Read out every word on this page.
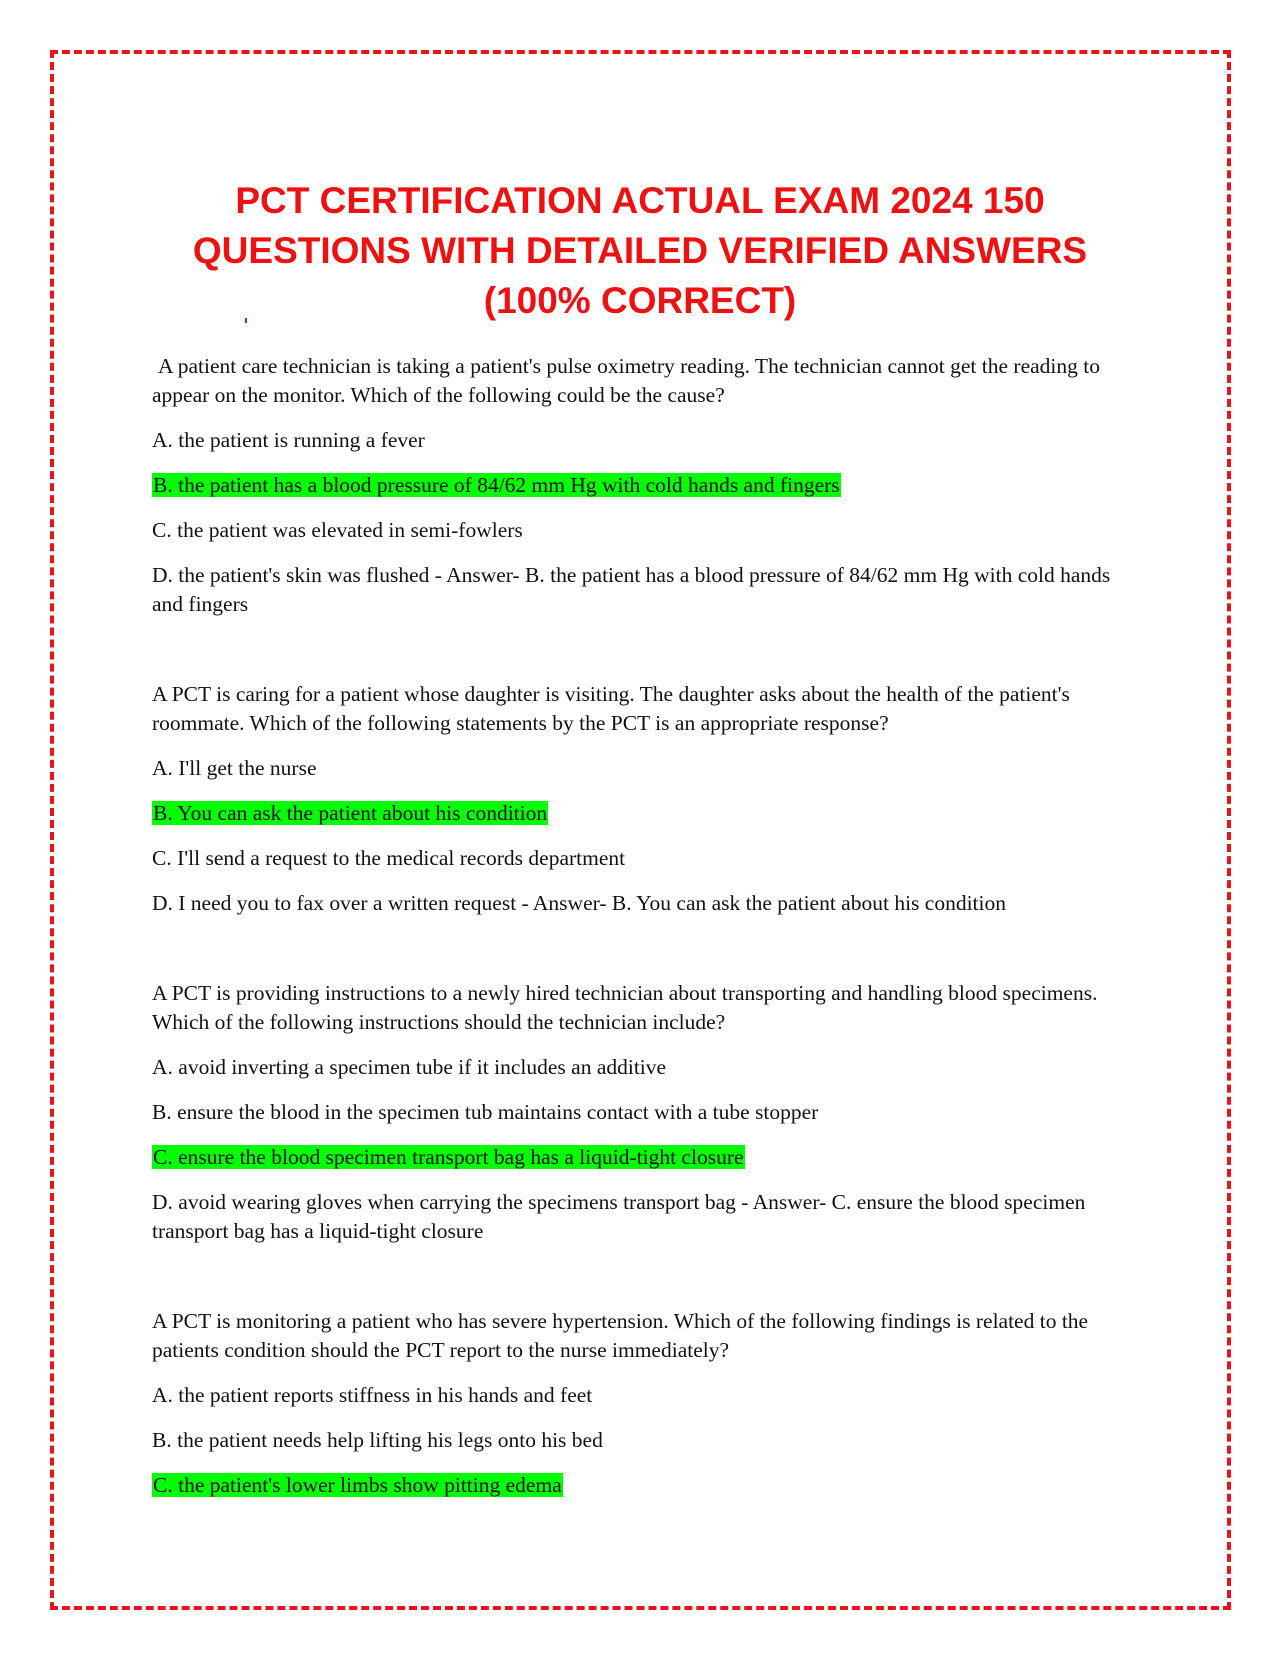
PCT CERTIFICATION ACTUAL EXAM 2024 150
QUESTIONS WITH DETAILED VERIFIED ANSWERS
(100% CORRECT)

A patient care technician is taking a patient's pulse oximetry reading. The technician cannot get the reading to appear on the monitor. Which of the following could be the cause?

A. the patient is running a fever

B. the patient has a blood pressure of 84/62 mm Hg with cold hands and fingers

C. the patient was elevated in semi-fowlers

D. the patient's skin was flushed - Answer- B. the patient has a blood pressure of 84/62 mm Hg with cold hands and fingers

A PCT is caring for a patient whose daughter is visiting. The daughter asks about the health of the patient's roommate. Which of the following statements by the PCT is an appropriate response?

A. I'll get the nurse

B. You can ask the patient about his condition

C. I'll send a request to the medical records department

D. I need you to fax over a written request - Answer- B. You can ask the patient about his condition

A PCT is providing instructions to a newly hired technician about transporting and handling blood specimens. Which of the following instructions should the technician include?

A. avoid inverting a specimen tube if it includes an additive

B. ensure the blood in the specimen tub maintains contact with a tube stopper

C. ensure the blood specimen transport bag has a liquid-tight closure

D. avoid wearing gloves when carrying the specimens transport bag - Answer- C. ensure the blood specimen transport bag has a liquid-tight closure

A PCT is monitoring a patient who has severe hypertension. Which of the following findings is related to the patients condition should the PCT report to the nurse immediately?

A. the patient reports stiffness in his hands and feet

B. the patient needs help lifting his legs onto his bed

C. the patient's lower limbs show pitting edema
